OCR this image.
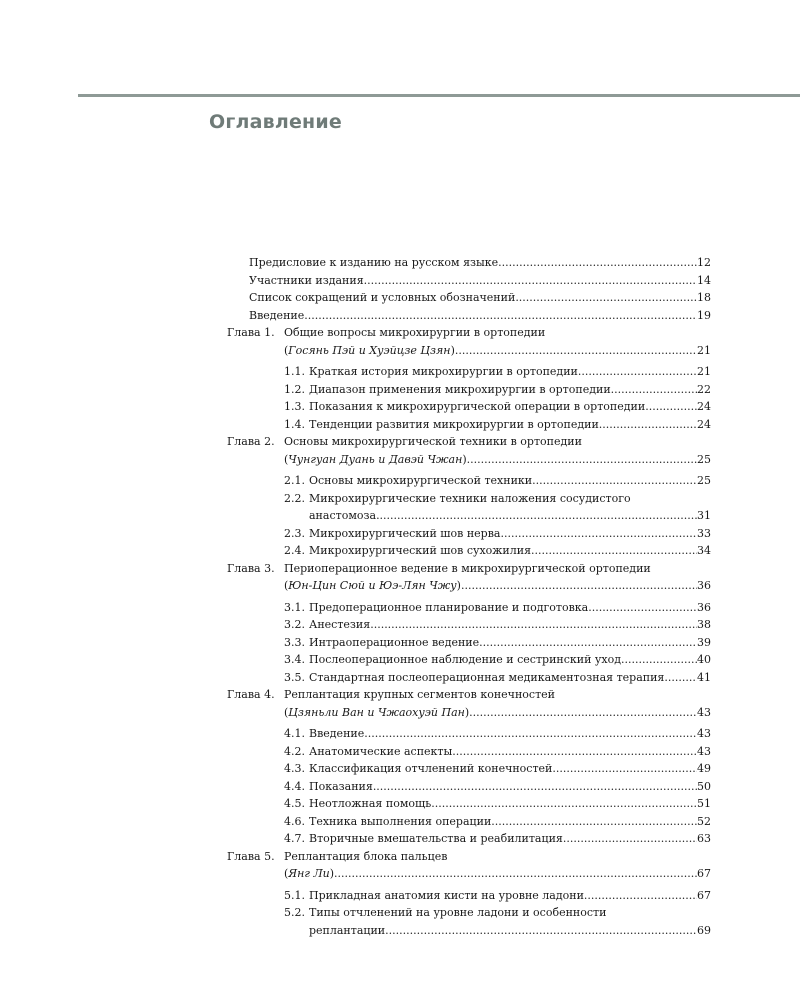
Оглавление
Предисловие к изданию на русском языке .....	12
Участники издания .....	14
Список сокращений и условных обозначений .....	18
Введение .....	19
Глава 1. Общие вопросы микрохирургии в ортопедии
(Госянь Пэй и Хуэйцзе Цзян) .....	21
1.1. Краткая история микрохирургии в ортопедии .....	21
1.2. Диапазон применения микрохирургии в ортопедии .....	22
1.3. Показания к микрохирургической операции в ортопедии .....	24
1.4. Тенденции развития микрохирургии в ортопедии .....	24
Глава 2. Основы микрохирургической техники в ортопедии
(Чунгуан Дуань и Давэй Чжан) .....	25
2.1. Основы микрохирургической техники .....	25
2.2. Микрохирургические техники наложения сосудистого
анастомоза .....	31
2.3. Микрохирургический шов нерва .....	33
2.4. Микрохирургический шов сухожилия .....	34
Глава 3. Периоперационное ведение в микрохирургической ортопедии
(Юн-Цин Сюй и Юэ-Лян Чжу) .....	36
3.1. Предоперационное планирование и подготовка .....	36
3.2. Анестезия .....	38
3.3. Интраоперационное ведение .....	39
3.4. Послеоперационное наблюдение и сестринский уход .....	40
3.5. Стандартная послеоперационная медикаментозная терапия .....	41
Глава 4. Реплантация крупных сегментов конечностей
(Цзяньли Ван и Чжаохуэй Пан) .....	43
4.1. Введение .....	43
4.2. Анатомические аспекты .....	43
4.3. Классификация отчленений конечностей .....	49
4.4. Показания .....	50
4.5. Неотложная помощь .....	51
4.6. Техника выполнения операции .....	52
4.7. Вторичные вмешательства и реабилитация .....	63
Глава 5. Реплантация блока пальцев
(Янг Ли) .....	67
5.1. Прикладная анатомия кисти на уровне ладони .....	67
5.2. Типы отчленений на уровне ладони и особенности
реплантации .....	69
